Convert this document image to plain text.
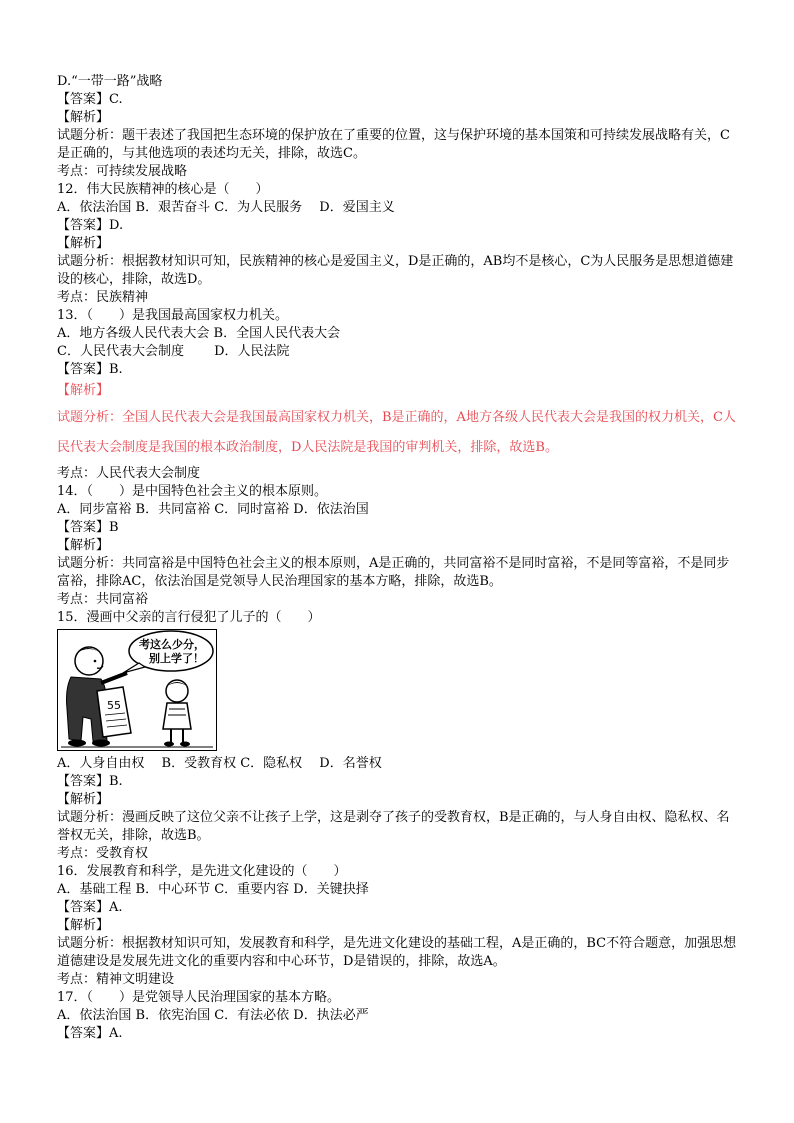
D.“一带一路”战略
【答案】C.
【解析】
试题分析：题干表述了我国把生态环境的保护放在了重要的位置，这与保护环境的基本国策和可持续发展战略有关，C是正确的，与其他选项的表述均无关，排除，故选C。
考点：可持续发展战略
12．伟大民族精神的核心是（　　）
A．依法治国 B．艰苦奋斗 C．为人民服务　 D．爱国主义
【答案】D.
【解析】
试题分析：根据教材知识可知，民族精神的核心是爱国主义，D是正确的，AB均不是核心，C为人民服务是思想道德建设的核心，排除，故选D。
考点：民族精神
13．（　　）是我国最高国家权力机关。
A．地方各级人民代表大会 B．全国人民代表大会
C．人民代表大会制度　　 D．人民法院
【答案】B.
【解析】
试题分析：全国人民代表大会是我国最高国家权力机关，B是正确的，A地方各级人民代表大会是我国的权力机关，C人民代表大会制度是我国的根本政治制度，D人民法院是我国的审判机关，排除，故选B。
考点：人民代表大会制度
14．（　　）是中国特色社会主义的根本原则。
A．同步富裕 B．共同富裕 C．同时富裕 D．依法治国
【答案】B
【解析】
试题分析：共同富裕是中国特色社会主义的根本原则，A是正确的，共同富裕不是同时富裕，不是同等富裕，不是同步富裕，排除AC，依法治国是党领导人民治理国家的基本方略，排除，故选B。
考点：共同富裕
15．漫画中父亲的言行侵犯了儿子的（　　）
55
考这么少分，
别上学了！
A．人身自由权　 B．受教育权 C．隐私权　 D．名誉权
【答案】B.
【解析】
试题分析：漫画反映了这位父亲不让孩子上学，这是剥夺了孩子的受教育权，B是正确的，与人身自由权、隐私权、名誉权无关，排除，故选B。
考点：受教育权
16．发展教育和科学，是先进文化建设的（　　）
A．基础工程 B．中心环节 C．重要内容 D．关键抉择
【答案】A.
【解析】
试题分析：根据教材知识可知，发展教育和科学，是先进文化建设的基础工程，A是正确的，BC不符合题意，加强思想道德建设是发展先进文化的重要内容和中心环节，D是错误的，排除，故选A。
考点：精神文明建设
17．（　　）是党领导人民治理国家的基本方略。
A．依法治国 B．依宪治国 C．有法必依 D．执法必严
【答案】A.
